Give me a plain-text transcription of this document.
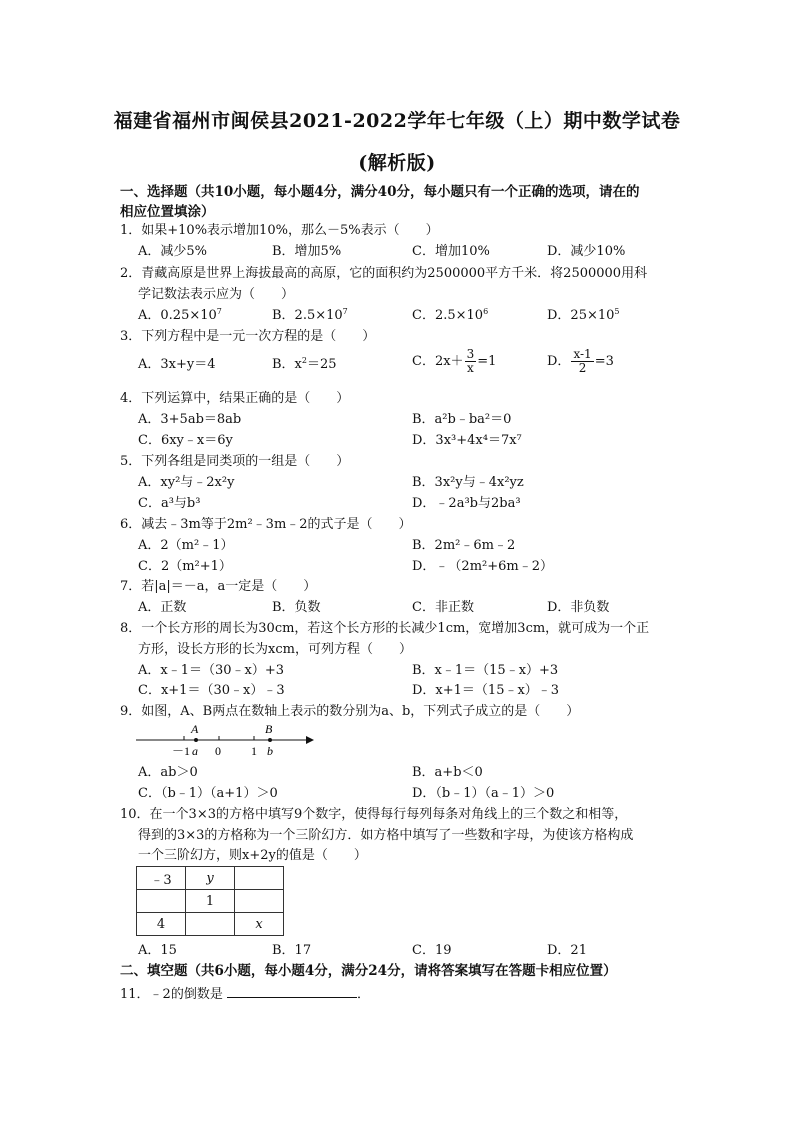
福建省福州市闽侯县2021-2022学年七年级（上）期中数学试卷
(解析版)
一、选择题（共10小题，每小题4分，满分40分，每小题只有一个正确的选项，请在的
相应位置填涂）
1．如果+10%表示增加10%，那么－5%表示（　　）
A．减少5%	B．增加5%	C．增加10%	D．减少10%
2．青藏高原是世界上海拔最高的高原，它的面积约为2500000平方千米．将2500000用科
学记数法表示应为（　　）
A．$0.25\times 10^7$	B．$2.5\times 10^7$	C．$2.5\times 10^6$	D．$25\times 10^5$
3．下列方程中是一元一次方程的是（　　）
A．3x+y＝4	B．$x^2=25$	C．$2x+ \frac{3}{x} =1$	D． $\frac{x-1}{2} =3$
4．下列运算中，结果正确的是（　　）
A．3+5ab＝8ab	B．a²b﹣ba²＝0
C．6xy﹣x＝6y	D．3x³+4x⁴＝7x⁷
5．下列各组是同类项的一组是（　　）
A．xy²与﹣2x²y	B．3x²y与﹣4x²yz
C．a³与b³	D．﹣2a³b与2ba³
6．减去﹣3m等于2m²﹣3m﹣2的式子是（　　）
A．2（m²﹣1）	B．2m²﹣6m﹣2
C．2（m²+1）	D．﹣（2m²+6m﹣2）
7．若|a|＝－a，a一定是（　　）
A．正数	B．负数	C．非正数	D．非负数
8．一个长方形的周长为30cm，若这个长方形的长减少1cm，宽增加3cm，就可成为一个正
方形，设长方形的长为xcm，可列方程（　　）
A．x﹣1＝（30﹣x）+3	B．x﹣1＝（15﹣x）+3
C．x+1＝（30﹣x）﹣3	D．x+1＝（15﹣x）﹣3
9．如图，A、B两点在数轴上表示的数分别为a、b，下列式子成立的是（　　）
A	B
－1 a 0	1 b
A．ab＞0	B．a+b＜0
C．（b﹣1）（a+1）＞0	D．（b﹣1）（a﹣1）＞0
10．在一个3×3的方格中填写9个数字，使得每行每列每条对角线上的三个数之和相等，
得到的3×3的方格称为一个三阶幻方．如方格中填写了一些数和字母，为使该方格构成
一个三阶幻方，则x+2y的值是（　　）
﹣3	y	
	1	
4		x
A．15	B．17	C．19	D．21
二、填空题（共6小题，每小题4分，满分24分，请将答案填写在答题卡相应位置）
11．﹣2的倒数是	．
